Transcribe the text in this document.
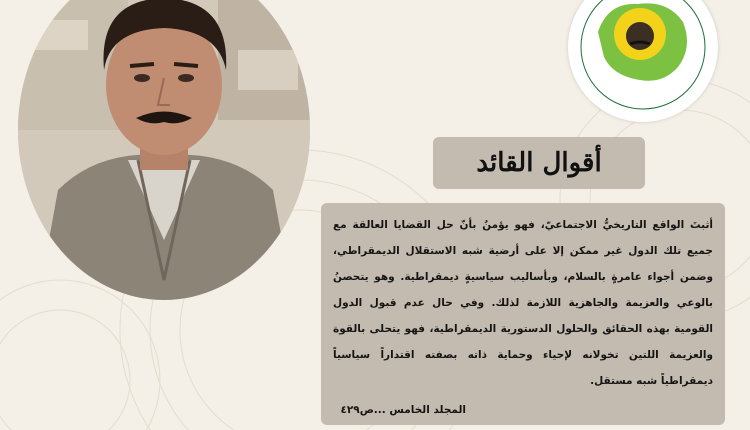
أقوال القائد
أثبتَ الواقع التاريخيُّ الاجتماعيّ، فهو يؤمنُ بأنّ حل القضايا العالقة مع جميع تلك الدول غير ممكن إلا على أرضية شبه الاستقلال الديمقراطي، وضمن أجواء عامرةٍ بالسلام، وبأساليب سياسيةٍ ديمقراطية. وهو يتحصنُ بالوعي والعزيمة والجاهزية اللازمة لذلك. وفي حال عدم قبول الدول القومية بهذه الحقائق والحلول الدستورية الديمقراطية، فهو يتحلى بالقوة والعزيمة اللتين تخولانه لإحياء وحماية ذاته بصفته اقتداراً سياسياً ديمقراطياً شبه مستقل.
المجلد الخامس ...ص٤٢٩
